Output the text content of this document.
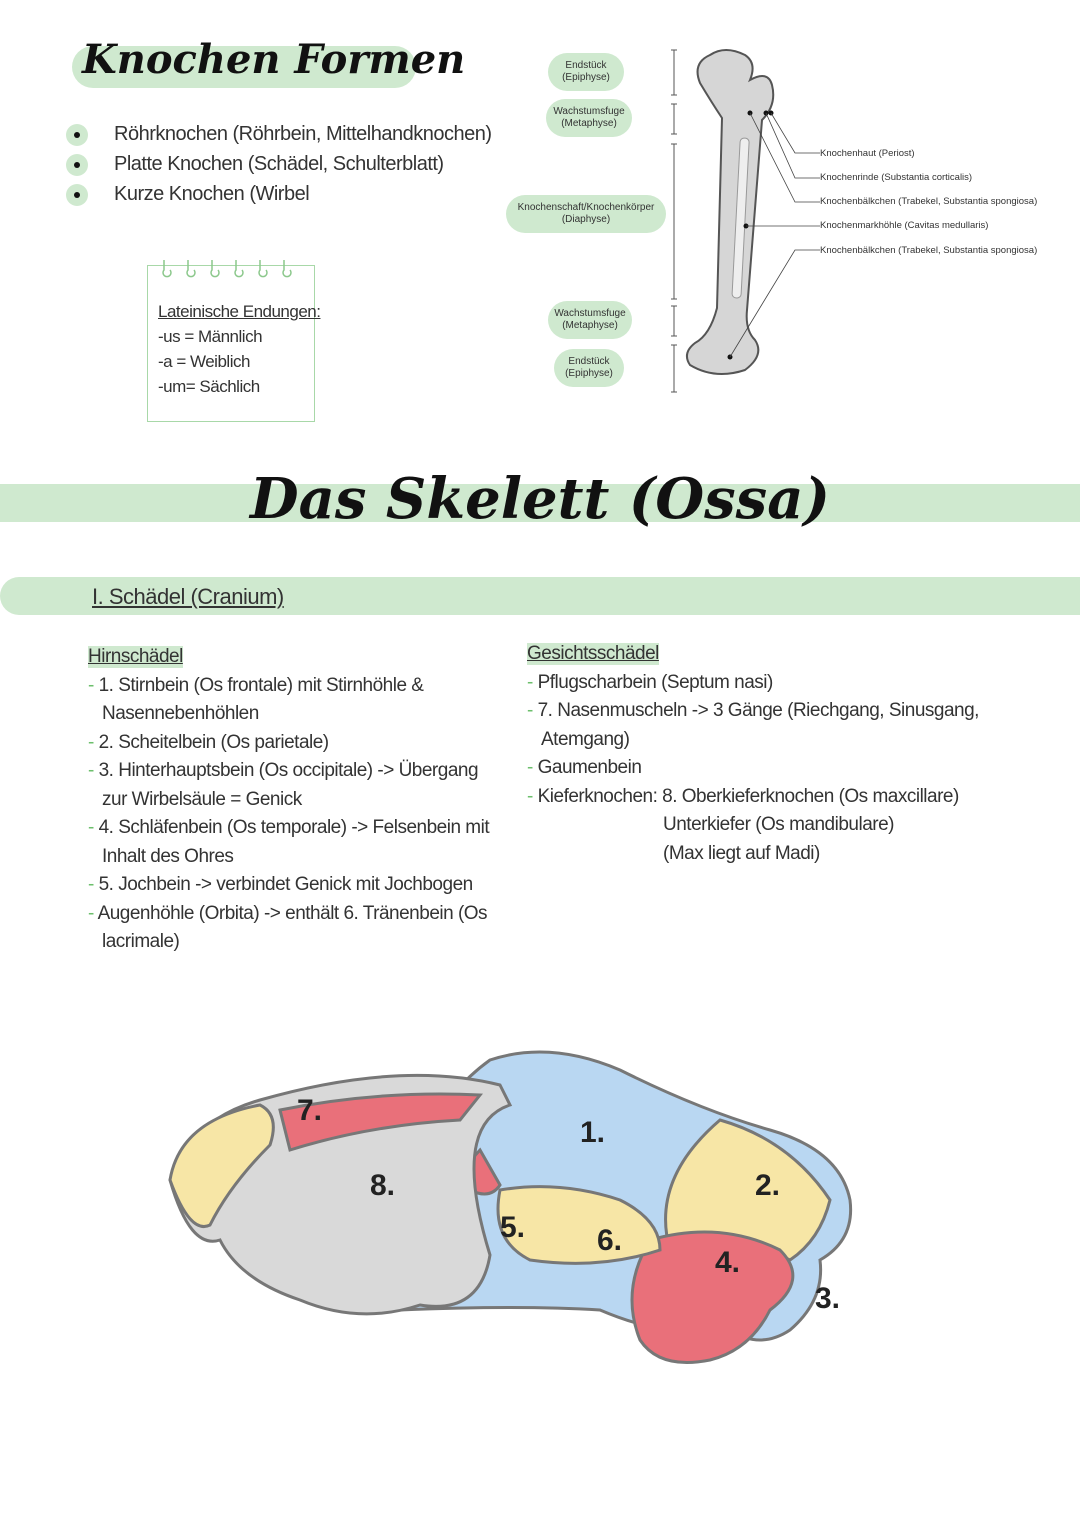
Knochen Formen
Röhrknochen (Röhrbein, Mittelhandknochen)
Platte Knochen (Schädel, Schulterblatt)
Kurze Knochen (Wirbel
Lateinische Endungen:
-us = Männlich
-a = Weiblich
-um= Sächlich
Endstück
(Epiphyse)
Wachstumsfuge
(Metaphyse)
Knochenschaft/Knochenkörper
(Diaphyse)
Wachstumsfuge
(Metaphyse)
Endstück
(Epiphyse)
Knochenhaut (Periost)
Knochenrinde (Substantia corticalis)
Knochenbälkchen (Trabekel, Substantia spongiosa)
Knochenmarkhöhle (Cavitas medullaris)
Knochenbälkchen (Trabekel, Substantia spongiosa)
Das Skelett (Ossa)
I. Schädel (Cranium)
Hirnschädel
- 1. Stirnbein (Os frontale) mit Stirnhöhle & Nasennebenhöhlen
- 2. Scheitelbein (Os parietale)
- 3. Hinterhauptsbein (Os occipitale) -> Übergang zur Wirbelsäule = Genick
- 4. Schläfenbein (Os temporale) -> Felsenbein mit Inhalt des Ohres
- 5. Jochbein -> verbindet Genick mit Jochbogen
- Augenhöhle (Orbita) -> enthält 6. Tränenbein (Os lacrimale)
Gesichtsschädel
- Pflugscharbein (Septum nasi)
- 7. Nasenmuscheln -> 3 Gänge (Riechgang, Sinusgang, Atemgang)
- Gaumenbein
- Kieferknochen: 8. Oberkieferknochen (Os maxcillare)
Unterkiefer (Os mandibulare)
(Max liegt auf Madi)
1.
2.
3.
4.
5. 6.
7.
8.
